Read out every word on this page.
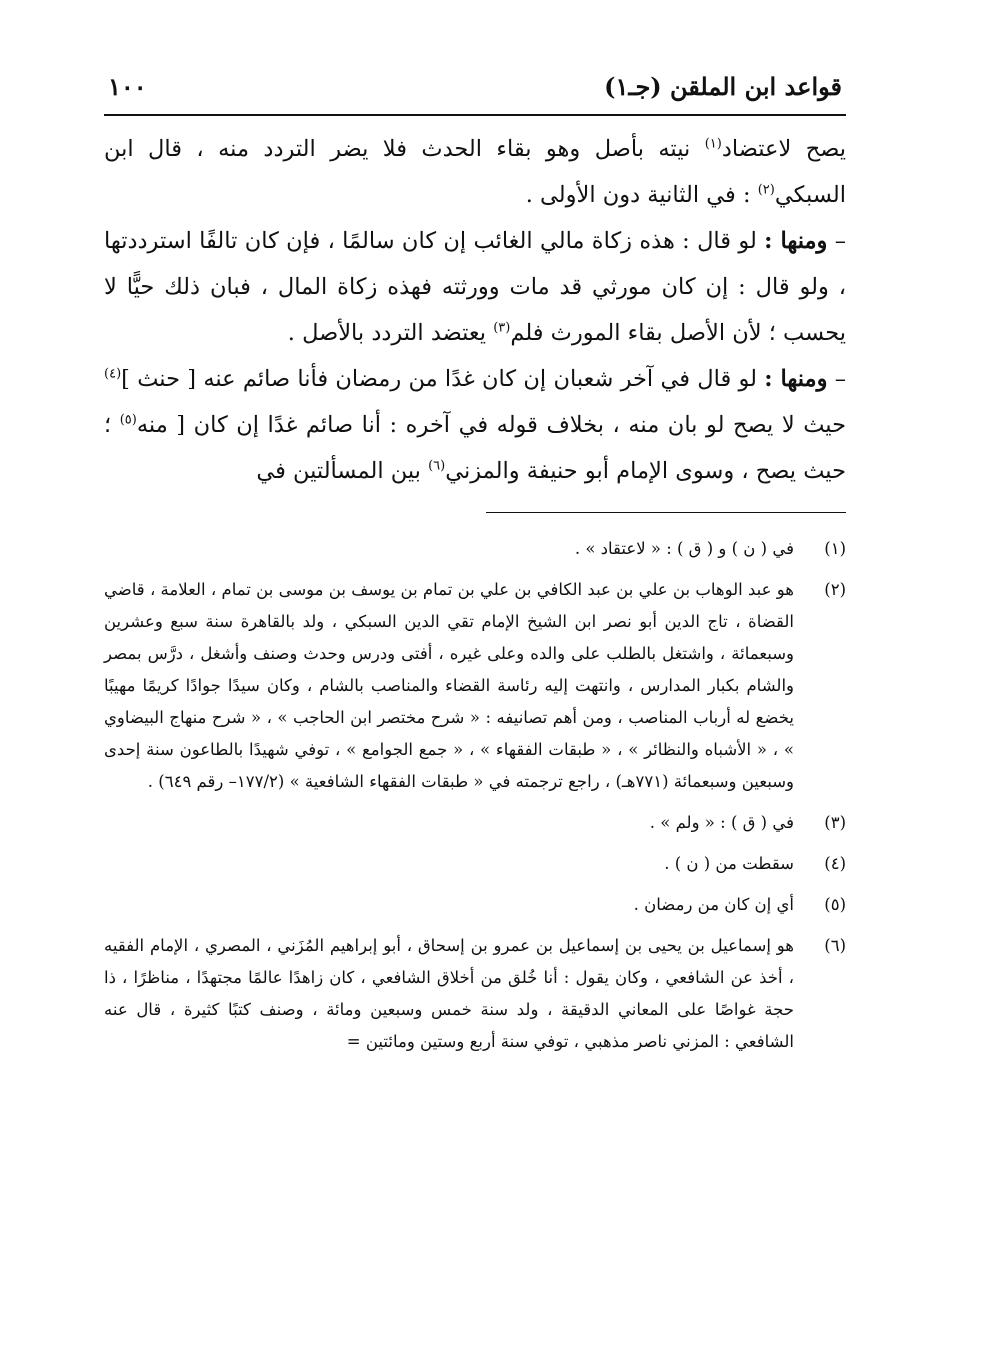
قواعد ابن الملقن (جـ١)
١٠٠

يصح لاعتضاد$^{(١)}$ نيته بأصل وهو بقاء الحدث فلا يضر التردد منه ، قال ابن السبكي$^{(٢)}$ : في الثانية دون الأولى .

– ومنها : لو قال : هذه زكاة مالي الغائب إن كان سالمًا ، فإن كان تالفًا استرددتها ، ولو قال : إن كان مورثي قد مات وورثته فهذه زكاة المال ، فبان ذلك حيًّا لا يحسب ؛ لأن الأصل بقاء المورث فلم$^{(٣)}$ يعتضد التردد بالأصل .

– ومنها : لو قال في آخر شعبان إن كان غدًا من رمضان فأنا صائم عنه [ حنث ]$^{(٤)}$ حيث لا يصح لو بان منه ، بخلاف قوله في آخره : أنا صائم غدًا إن كان [ منه$^{(٥)}$ ؛ حيث يصح ، وسوى الإمام أبو حنيفة والمزني$^{(٦)}$ بين المسألتين في

(١)
في ( ن ) و ( ق ) : « لاعتقاد » .
(٢)
هو عبد الوهاب بن علي بن عبد الكافي بن علي بن تمام بن يوسف بن موسى بن تمام ، العلامة ، قاضي القضاة ، تاج الدين أبو نصر ابن الشيخ الإمام تقي الدين السبكي ، ولد بالقاهرة سنة سبع وعشرين وسبعمائة ، واشتغل بالطلب على والده وعلى غيره ، أفتى ودرس وحدث وصنف وأشغل ، درَّس بمصر والشام بكبار المدارس ، وانتهت إليه رئاسة القضاء والمناصب بالشام ، وكان سيدًا جوادًا كريمًا مهيبًا يخضع له أرباب المناصب ، ومن أهم تصانيفه : « شرح مختصر ابن الحاجب » ، « شرح منهاج البيضاوي » ، « الأشباه والنظائر » ، « طبقات الفقهاء » ، « جمع الجوامع » ، توفي شهيدًا بالطاعون سنة إحدى وسبعين وسبعمائة (٧٧١هـ) ، راجع ترجمته في « طبقات الفقهاء الشافعية » (١٧٧/٢– رقم ٦٤٩) .
(٣)
في ( ق ) : « ولم » .
(٤)
سقطت من ( ن ) .
(٥)
أي إن كان من رمضان .
(٦)
هو إسماعيل بن يحيى بن إسماعيل بن عمرو بن إسحاق ، أبو إبراهيم المُزَني ، المصري ، الإمام الفقيه ، أخذ عن الشافعي ، وكان يقول : أنا خُلق من أخلاق الشافعي ، كان زاهدًا عالمًا مجتهدًا ، مناظرًا ، ذا حجة غواصًا على المعاني الدقيقة ، ولد سنة خمس وسبعين ومائة ، وصنف كتبًا كثيرة ، قال عنه الشافعي : المزني ناصر مذهبي ، توفي سنة أربع وستين ومائتين =
